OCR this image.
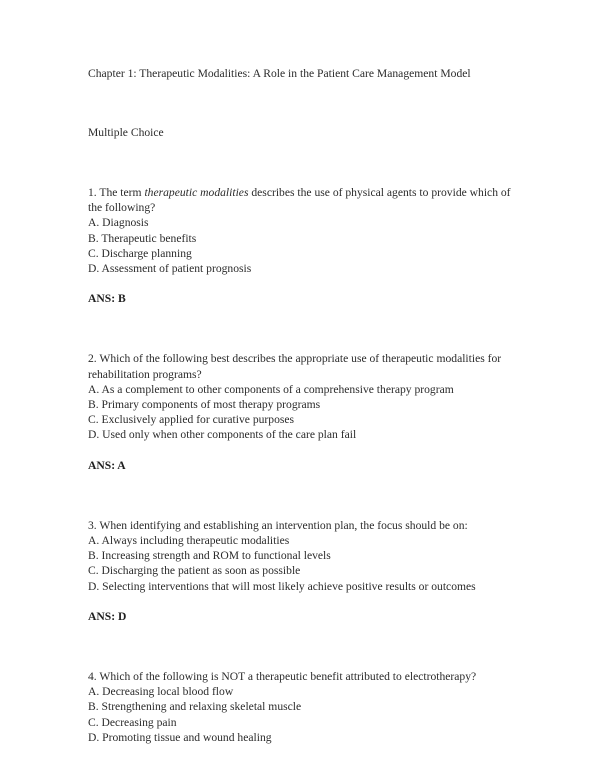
Chapter 1: Therapeutic Modalities: A Role in the Patient Care Management Model
Multiple Choice
1. The term therapeutic modalities describes the use of physical agents to provide which of the following?
A. Diagnosis
B. Therapeutic benefits
C. Discharge planning
D. Assessment of patient prognosis
ANS: B
2. Which of the following best describes the appropriate use of therapeutic modalities for rehabilitation programs?
A. As a complement to other components of a comprehensive therapy program
B. Primary components of most therapy programs
C. Exclusively applied for curative purposes
D. Used only when other components of the care plan fail
ANS: A
3. When identifying and establishing an intervention plan, the focus should be on:
A. Always including therapeutic modalities
B. Increasing strength and ROM to functional levels
C. Discharging the patient as soon as possible
D. Selecting interventions that will most likely achieve positive results or outcomes
ANS: D
4. Which of the following is NOT a therapeutic benefit attributed to electrotherapy?
A. Decreasing local blood flow
B. Strengthening and relaxing skeletal muscle
C. Decreasing pain
D. Promoting tissue and wound healing
